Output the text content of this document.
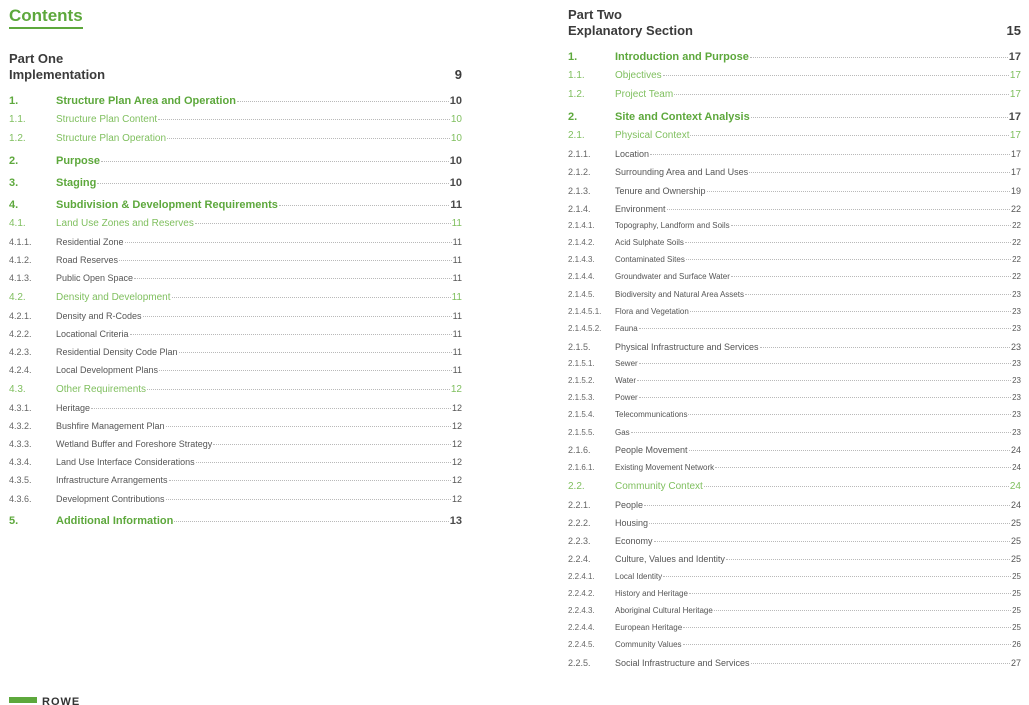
Contents
Part One
Implementation	9
1.	Structure Plan Area and Operation	10
1.1.	Structure Plan Content	10
1.2.	Structure Plan Operation	10
2.	Purpose	10
3.	Staging	10
4.	Subdivision & Development Requirements	11
4.1.	Land Use Zones and Reserves	11
4.1.1.	Residential Zone	11
4.1.2.	Road Reserves	11
4.1.3.	Public Open Space	11
4.2.	Density and Development	11
4.2.1.	Density and R-Codes	11
4.2.2.	Locational Criteria	11
4.2.3.	Residential Density Code Plan	11
4.2.4.	Local Development Plans	11
4.3.	Other Requirements	12
4.3.1.	Heritage	12
4.3.2.	Bushfire Management Plan	12
4.3.3.	Wetland Buffer and Foreshore Strategy	12
4.3.4.	Land Use Interface Considerations	12
4.3.5.	Infrastructure Arrangements	12
4.3.6.	Development Contributions	12
5.	Additional Information	13
Part Two
Explanatory Section	15
1.	Introduction and Purpose	17
1.1.	Objectives	17
1.2.	Project Team	17
2.	Site and Context Analysis	17
2.1.	Physical Context	17
2.1.1.	Location	17
2.1.2.	Surrounding Area and Land Uses	17
2.1.3.	Tenure and Ownership	19
2.1.4.	Environment	22
2.1.4.1.	Topography, Landform and Soils	22
2.1.4.2.	Acid Sulphate Soils	22
2.1.4.3.	Contaminated Sites	22
2.1.4.4.	Groundwater and Surface Water	22
2.1.4.5.	Biodiversity and Natural Area Assets	23
2.1.4.5.1.	Flora and Vegetation	23
2.1.4.5.2.	Fauna	23
2.1.5.	Physical Infrastructure and Services	23
2.1.5.1.	Sewer	23
2.1.5.2.	Water	23
2.1.5.3.	Power	23
2.1.5.4.	Telecommunications	23
2.1.5.5.	Gas	23
2.1.6.	People Movement	24
2.1.6.1.	Existing Movement Network	24
2.2.	Community Context	24
2.2.1.	People	24
2.2.2.	Housing	25
2.2.3.	Economy	25
2.2.4.	Culture, Values and Identity	25
2.2.4.1.	Local Identity	25
2.2.4.2.	History and Heritage	25
2.2.4.3.	Aboriginal Cultural Heritage	25
2.2.4.4.	European Heritage	25
2.2.4.5.	Community Values	26
2.2.5.	Social Infrastructure and Services	27
ROWE
